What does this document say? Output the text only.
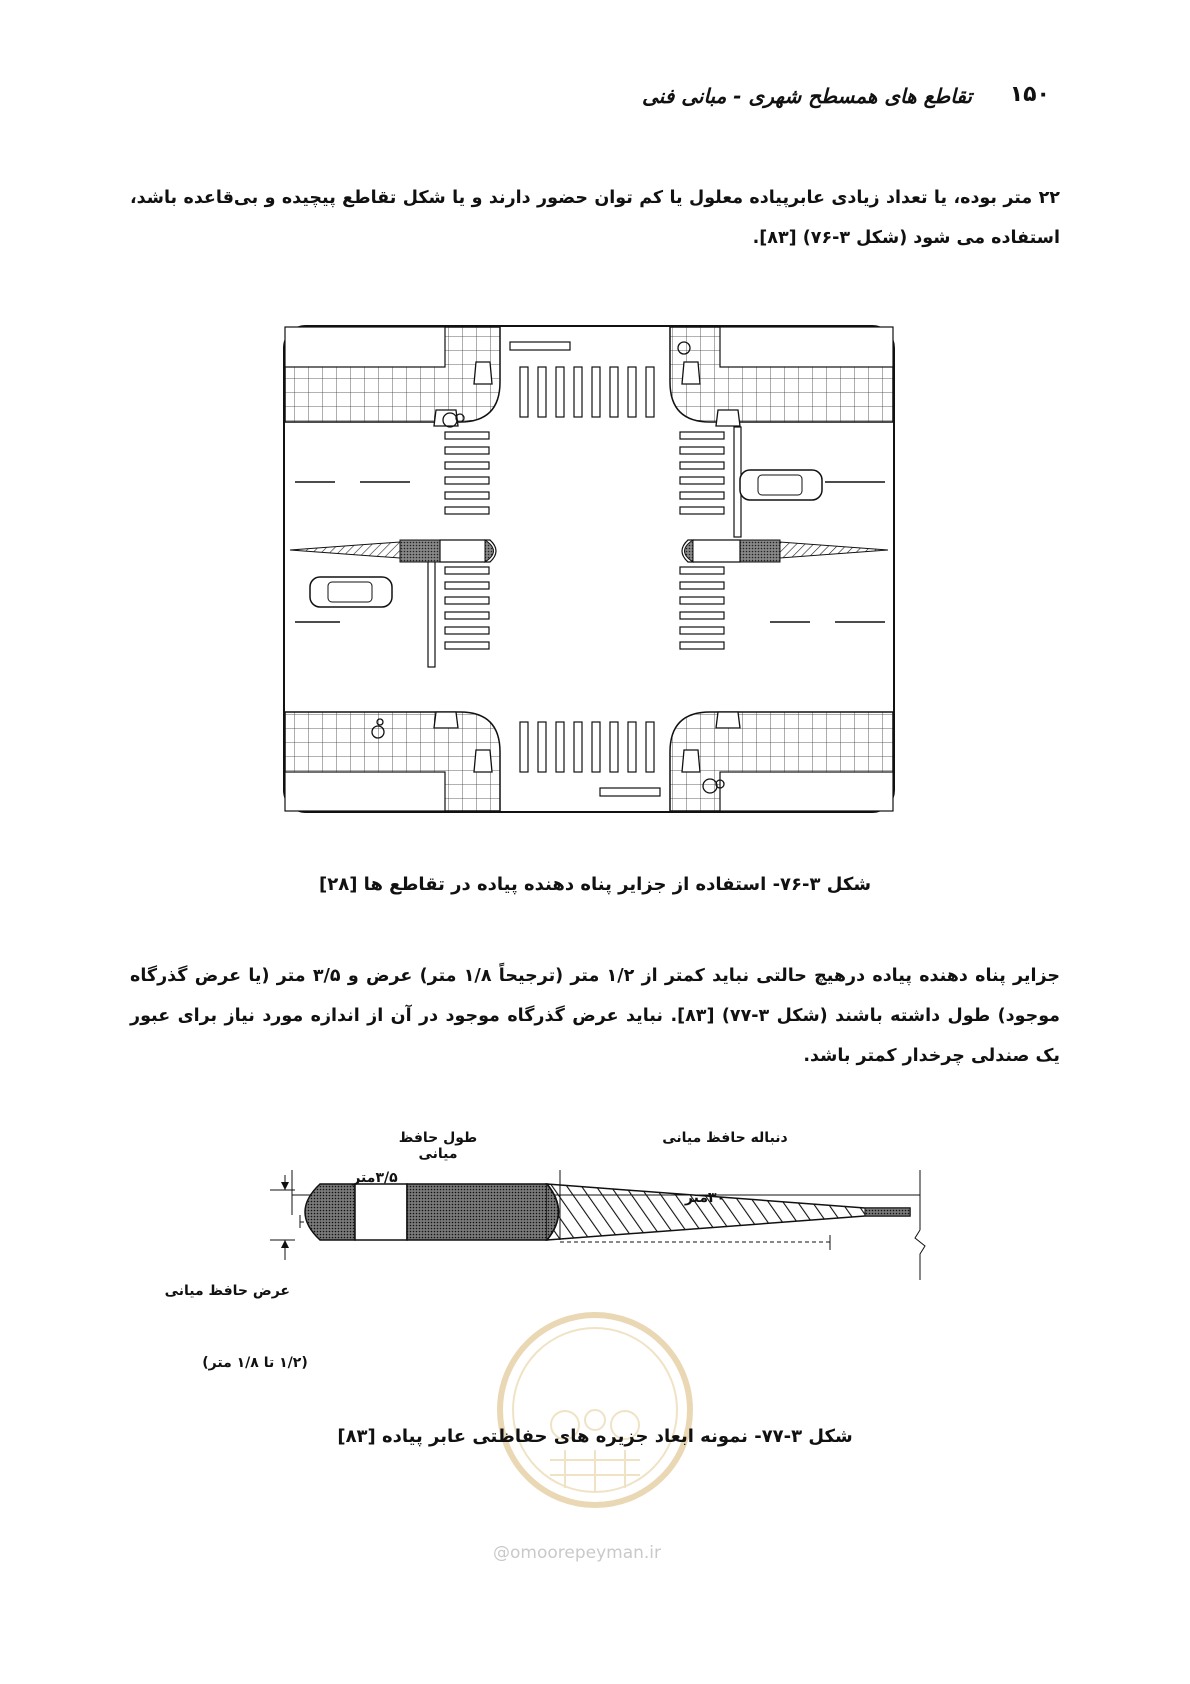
۱۵۰
تقاطع های همسطح شهری - مبانی فنی
۲۲ متر بوده، یا تعداد زیادی عابرپیاده معلول یا کم توان حضور دارند و یا شکل تقاطع پیچیده و بی‌قاعده باشد، استفاده می شود (شکل ۳-۷۶) [۸۳].
شکل ۳-۷۶- استفاده از جزایر پناه دهنده پیاده در تقاطع ها [۲۸]
جزایر پناه دهنده پیاده درهیچ حالتی نباید کمتر از ۱/۲ متر (ترجیحاً ۱/۸ متر) عرض و ۳/۵ متر (یا عرض گذرگاه موجود) طول داشته باشند (شکل ۳-۷۷) [۸۳]. نباید عرض گذرگاه موجود در آن از اندازه مورد نیاز برای عبور یک صندلی چرخدار کمتر باشد.
طول حافظ میانی
دنباله حافظ میانی
۳/۵متر
۳۰متر
عرض حافظ میانی
(۱/۲ تا ۱/۸ متر)
شکل ۳-۷۷- نمونه ابعاد جزیره های حفاظتی عابر پیاده [۸۳]
@omoorepeyman.ir
